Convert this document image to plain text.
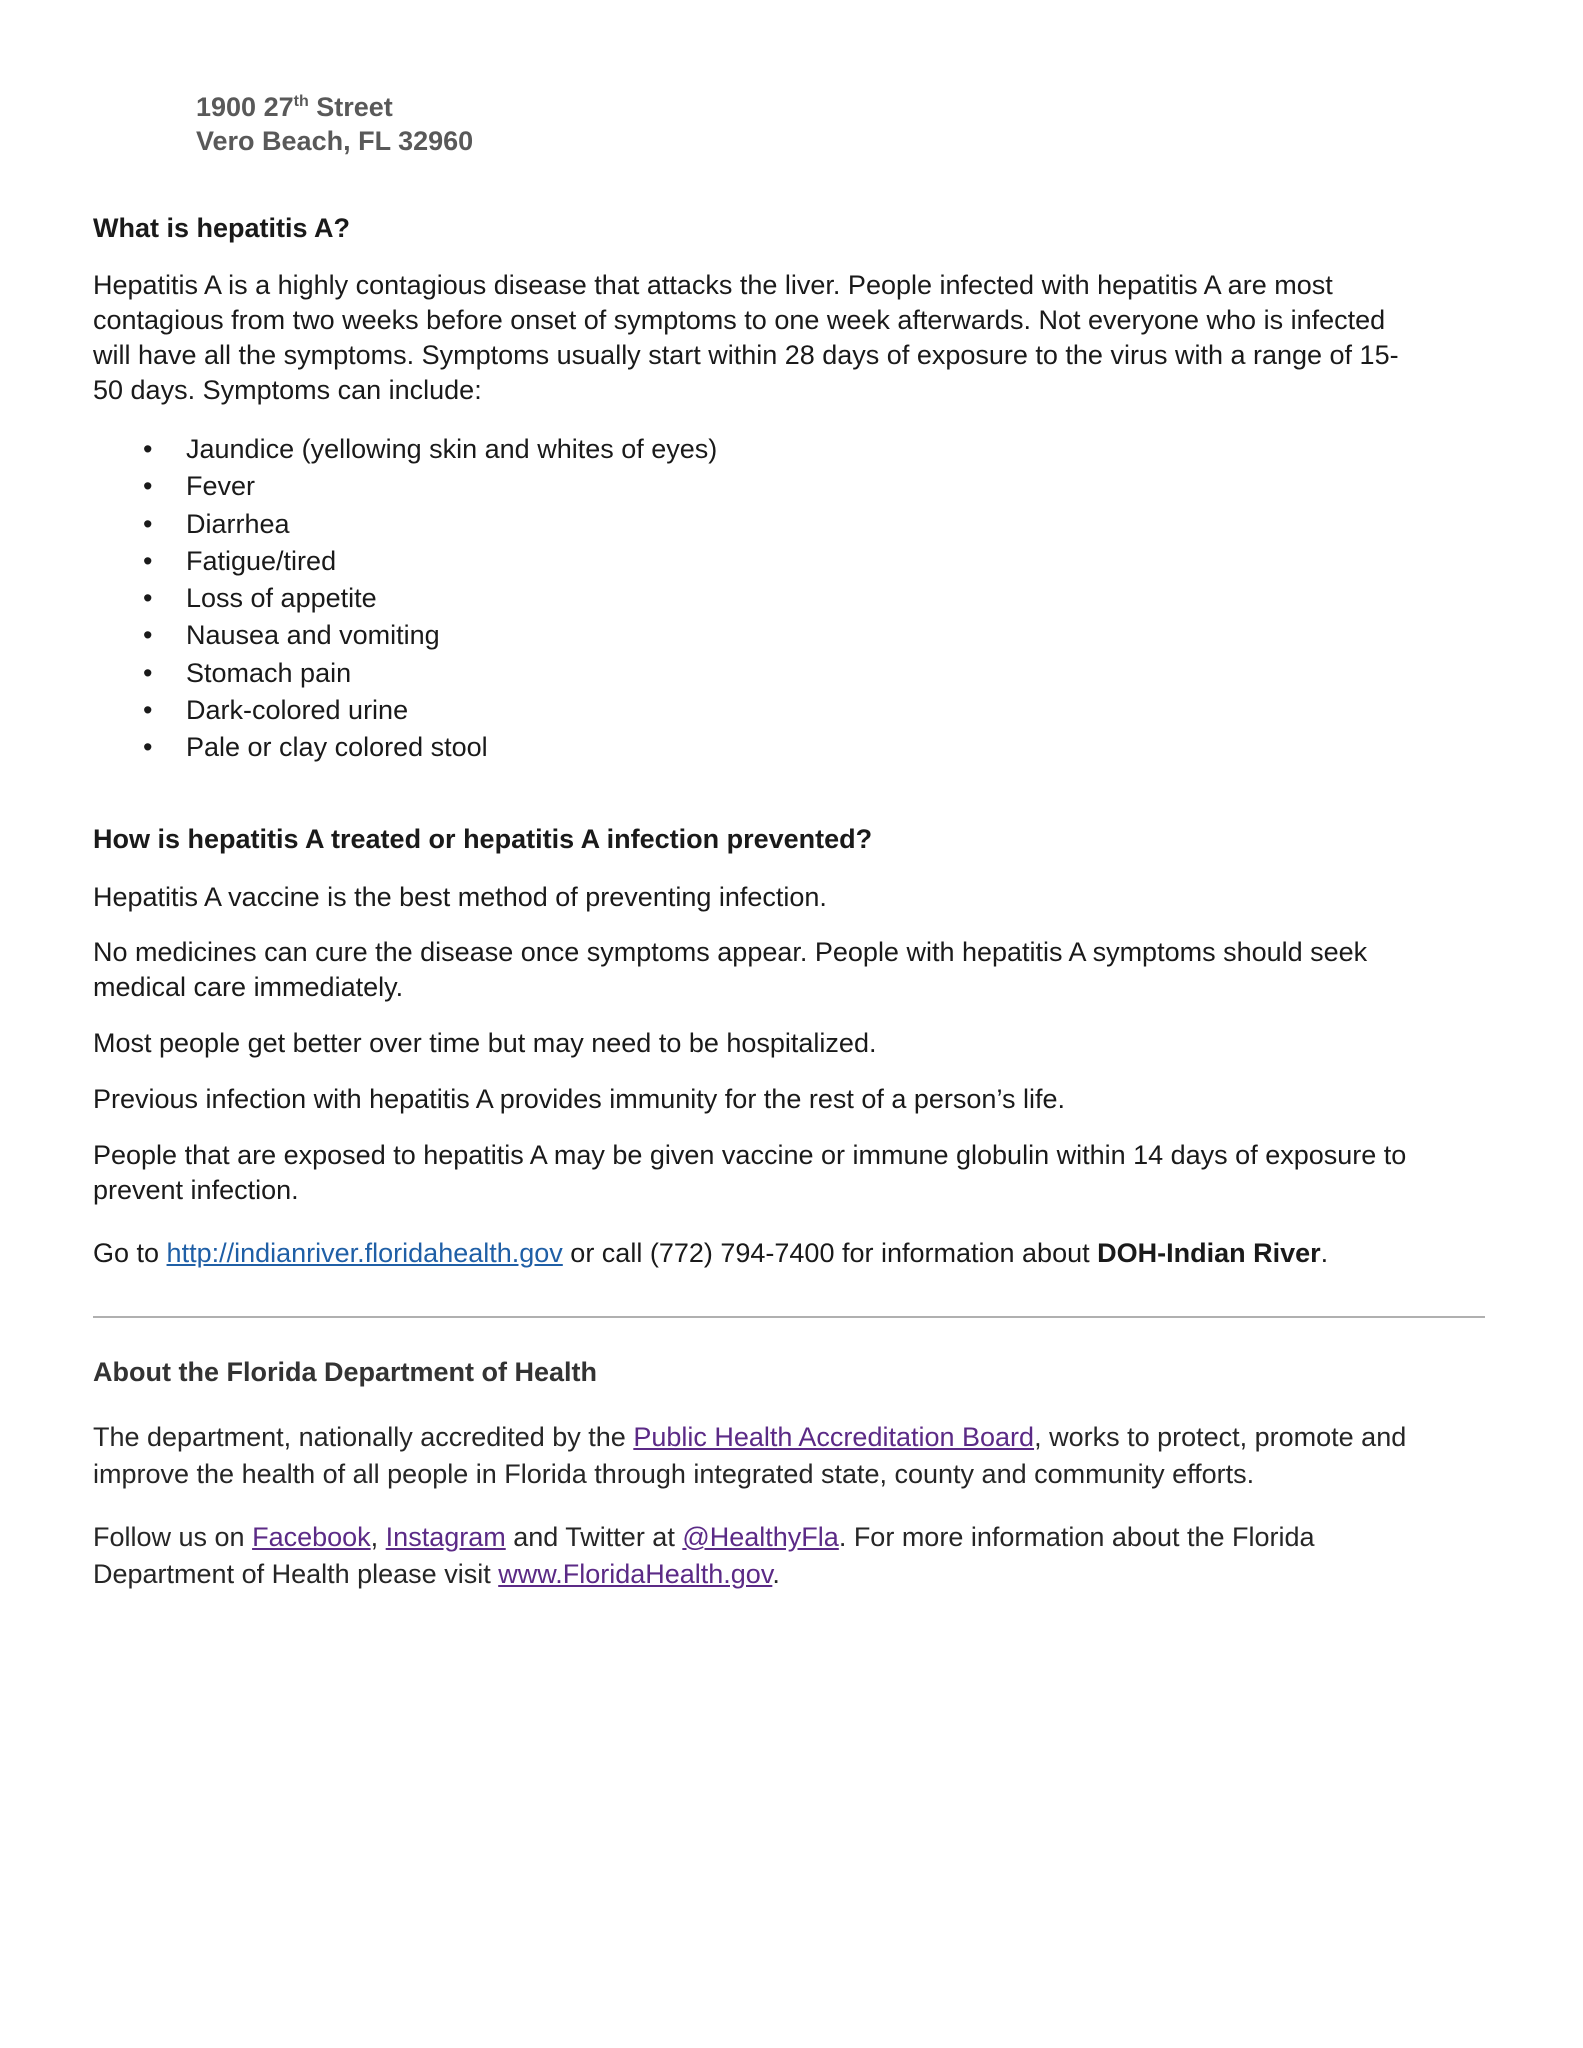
1900 27th Street
Vero Beach, FL 32960

What is hepatitis A?

Hepatitis A is a highly contagious disease that attacks the liver. People infected with hepatitis A are most

contagious from two weeks before onset of symptoms to one week afterwards. Not everyone who is infected

will have all the symptoms. Symptoms usually start within 28 days of exposure to the virus with a range of 15-

50 days. Symptoms can include:

• Jaundice (yellowing skin and whites of eyes)
• Fever
• Diarrhea
• Fatigue/tired
• Loss of appetite
• Nausea and vomiting
• Stomach pain
• Dark-colored urine
• Pale or clay colored stool

How is hepatitis A treated or hepatitis A infection prevented?

Hepatitis A vaccine is the best method of preventing infection.

No medicines can cure the disease once symptoms appear. People with hepatitis A symptoms should seek

medical care immediately.

Most people get better over time but may need to be hospitalized.

Previous infection with hepatitis A provides immunity for the rest of a person’s life.

People that are exposed to hepatitis A may be given vaccine or immune globulin within 14 days of exposure to

prevent infection.

Go to http://indianriver.floridahealth.gov or call (772) 794-7400 for information about DOH-Indian River.

About the Florida Department of Health

The department, nationally accredited by the Public Health Accreditation Board, works to protect, promote and

improve the health of all people in Florida through integrated state, county and community efforts.

Follow us on Facebook, Instagram and Twitter at @HealthyFla. For more information about the Florida

Department of Health please visit www.FloridaHealth.gov.
